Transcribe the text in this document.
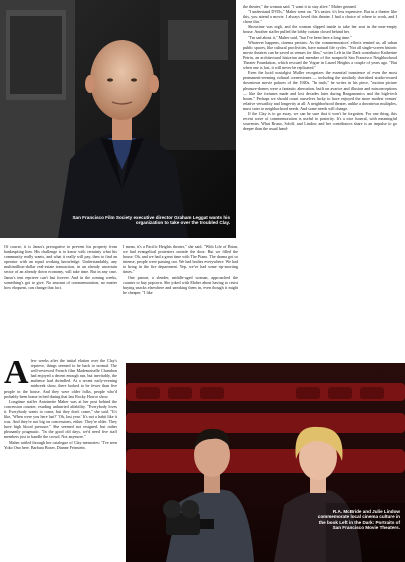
San Francisco Film Society executive director Graham Leggat wants his organization to take over the troubled Clay.

Of course, it is Janus's prerogative to prevent his property from bankrupting him. His challenge is to know with certainty what his community really wants, and what it really will pay, then to find an operator with an equal working knowledge. Understandably, any multimillion-dollar real-estate transaction, in an already uncertain sector of an already down economy, will take time. But in any case, Janus's tent reprieve can't last forever. And in the coming weeks, something's got to give. No amount of commemoration, no matter how eloquent, can change that fact.

I mean, it's a Pacific Heights theater," she said. "With Life of Brian, we had evangelical protesters outside the door. But we filled the house. Oh, and we had a great time with The Piano. The drama got so intense, people were passing out. We had bodies everywhere. We had to bring in the fire department. Yep, we've had some rip-snorting times."

One patron, a slender, middle-aged woman, approached the counter to buy popcorn. She joked with Maher about having to resist buying snacks elsewhere and sneaking them in, even though it might be cheaper. "I like

A few weeks after the initial elation over the Clay's reprieve, things seemed to be back to normal. The well-reviewed French film Mademoiselle Chambon had enjoyed a decent enough run, but inevitably, the audience had dwindled. At a recent early-evening midweek show, there looked to be fewer than five people in the house. And they were older folks, people who'd probably been home in bed during that last Rocky Horror show.

Longtime staffer Antoinette Maher was at her post behind the concession counter, exuding unhurried affability. "Everybody loves it. Everybody wants to come, but they don't come," she said. "It's like, 'When were you here last?' 'Oh, last year.' It's not a habit like it was. And they're not big on concessions, either. They're older. They have high blood pressure." She seemed not resigned, but rather pleasantly pragmatic. "In the good old days, we'd need five staff members just to handle the crowd. Not anymore."

Maher rattled through her catalogue of Clay memories: "I've seen Yoko Ono here. Barbara Boxer, Dianne Feinstein.

the theater," the woman said. "I want it to stay alive." Maher grinned.

"I understand DVDs," Maher went on. "It's easier, it's less expensive. But in a theater like this, you attend a movie. I always loved this theater. I had a choice of where to work, and I chose this."

Showtime was nigh, and the woman slipped inside to take her seat in the near-empty house. Another staffer pulled the lobby curtain closed behind her.

"I'm sad about it," Maher said, "but I've been here a long time."

Whatever happens, cinema persists. As the commemorators' efforts remind us, all urban public spaces, like cultural proclivities, have natural life cycles. "Not all single-screen historic movie theatres can be saved as venues for film," writes Left in the Dark contributor Katherine Petrin, an architectural historian and member of the nonprofit San Francisco Neighborhood Theater Foundation, which rescued the Vogue in Laurel Heights a couple of years ago. "But when one is lost, it will never be replicated."

Even the lucid nostalgist Muller recognizes the essential transience of even the most permanent-seeming cultural cornerstones — including the similarly cherished studio-owned downtown movie palaces of the 1940s. "In truth," he writes in his piece, "motion picture pleasure-domes were a fantastic aberration, built on avarice and illusion and misconceptions — like the fortunes made and lost decades later during Reaganomics and the high-tech boom." Perhaps we should count ourselves lucky to have enjoyed the more modest venues' relative versatility and longevity at all. A neighborhood theater, unlike a downtown multiplex, must cater to neighborhood needs. And some needs will change.

If the Clay is to go away, we can be sure that it won't be forgotten. For one thing, this recent wave of commemoration is useful to posterity. It's a nice funeral, with meaningful souvenirs. What Bruno, Schiff, and Lindow and her contributors share is an impulse to go deeper than the usual hand-

R.A. McBride and Julie Lindow commemorate local cinema culture in the book Left in the Dark: Portraits of San Francisco Movie Theaters.
